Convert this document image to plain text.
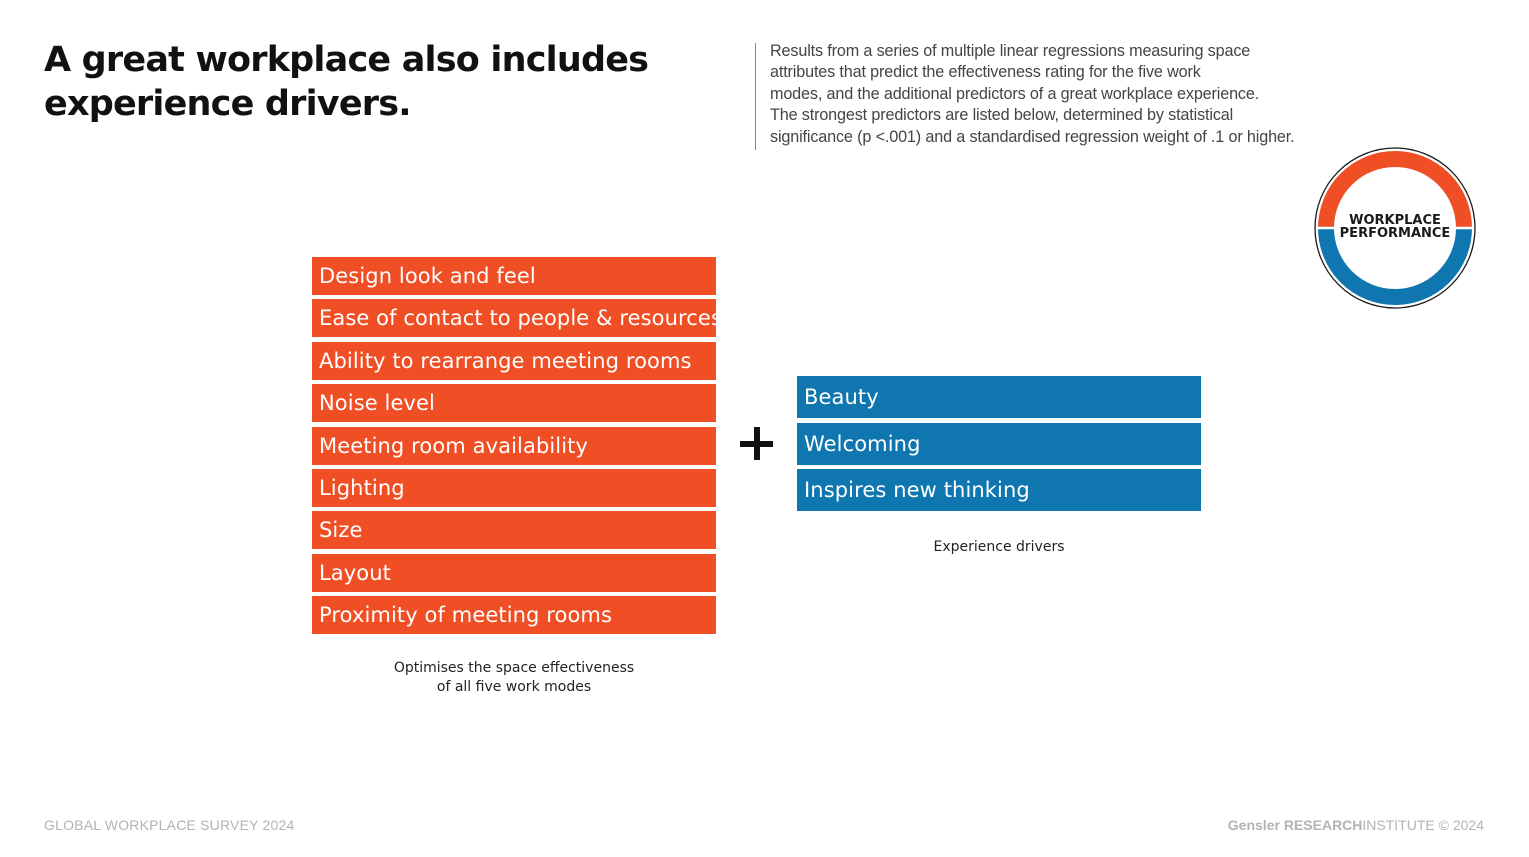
A great workplace also includes
experience drivers.

Results from a series of multiple linear regressions measuring space
attributes that predict the effectiveness rating for the five work
modes, and the additional predictors of a great workplace experience.
The strongest predictors are listed below, determined by statistical
significance (p <.001) and a standardised regression weight of .1 or higher.

EFFECTIVENESS
EXPERIENCE
WORKPLACE
PERFORMANCE
Design look and feel
Ease of contact to people & resources
Ability to rearrange meeting rooms
Noise level
Meeting room availability
Lighting
Size
Layout
Proximity of meeting rooms
Beauty
Welcoming
Inspires new thinking

Optimises the space effectiveness
of all five work modes

Experience drivers

GLOBAL WORKPLACE SURVEY 2024	Gensler RESEARCHINSTITUTE © 2024
